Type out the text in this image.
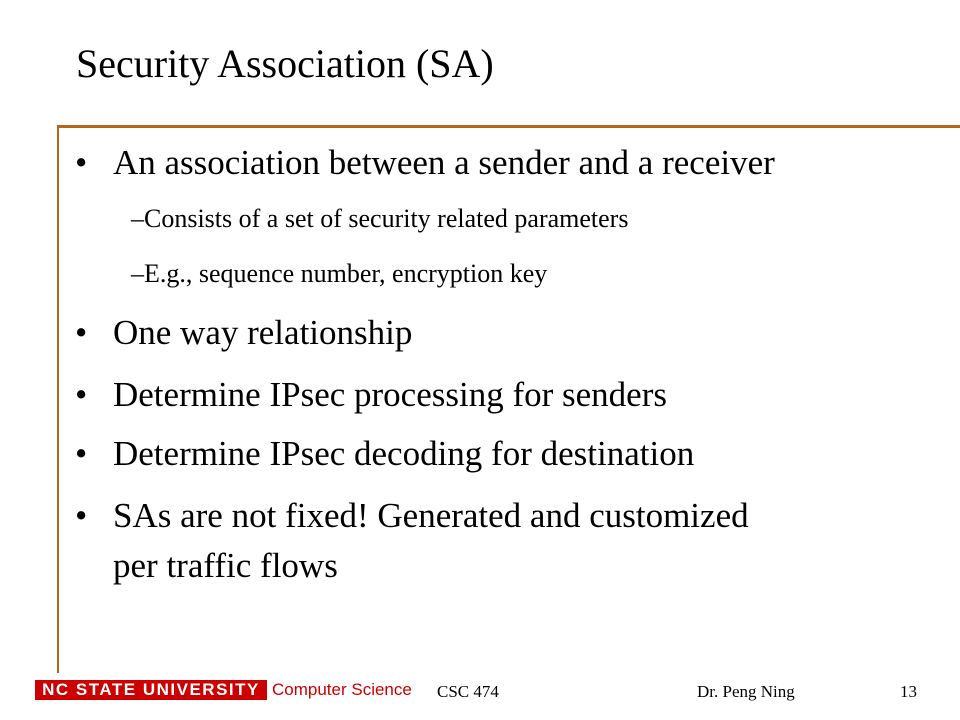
Security Association (SA)
• An association between a sender and a receiver
–Consists of a set of security related parameters
–E.g., sequence number, encryption key
• One way relationship
• Determine IPsec processing for senders
• Determine IPsec decoding for destination
• SAs are not fixed! Generated and customized
per traffic flows
NC STATE UNIVERSITY Computer Science CSC 474	Dr. Peng Ning	13
